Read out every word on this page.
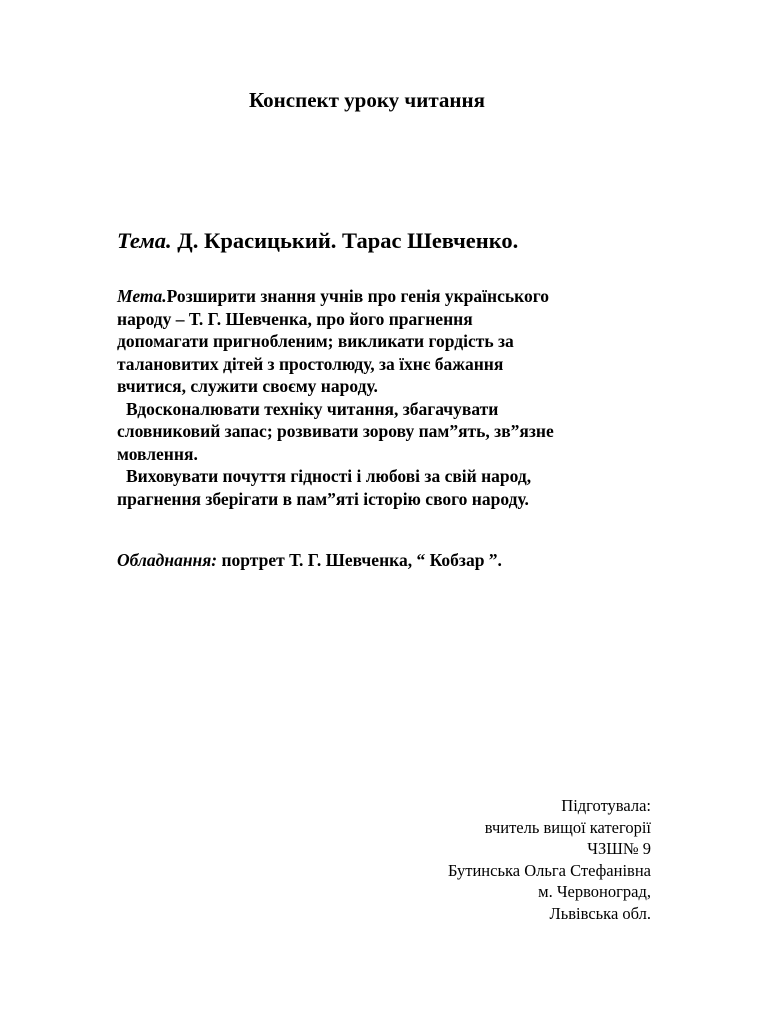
Конспект уроку читання

Тема. Д. Красицький. Тарас Шевченко.

Мета.Розширити знання учнів про генія українського
народу – Т. Г. Шевченка, про його прагнення
допомагати пригнобленим; викликати гордість за
талановитих дітей з простолюду, за їхнє бажання
вчитися, служити своєму народу.
Вдосконалювати техніку читання, збагачувати
словниковий запас; розвивати зорову пам”ять, зв”язне
мовлення.
Виховувати почуття гідності і любові за свій народ,
прагнення зберігати в пам”яті історію свого народу.

Обладнання: портрет Т. Г. Шевченка, “ Кобзар ”.

Підготувала:
вчитель вищої категорії
ЧЗШ№ 9
Бутинська Ольга Стефанівна
м. Червоноград,
Львівська обл.
